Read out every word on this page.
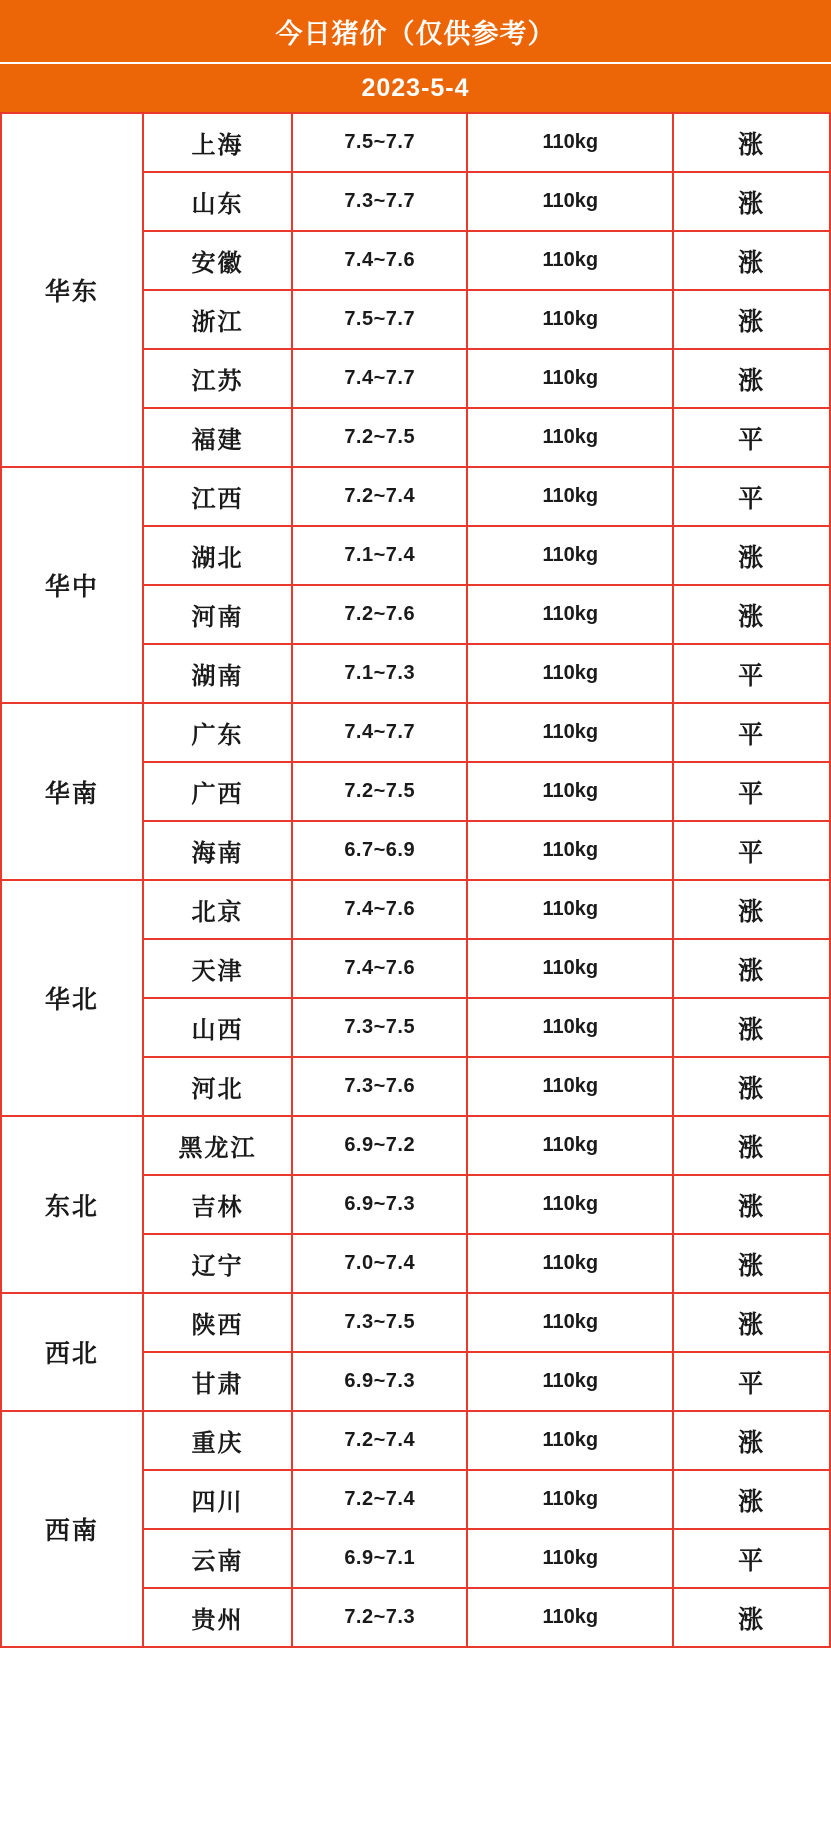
今日猪价（仅供参考）
2023-5-4
华东	上海	7.5~7.7	110kg	涨
	山东	7.3~7.7	110kg	涨
	安徽	7.4~7.6	110kg	涨
	浙江	7.5~7.7	110kg	涨
	江苏	7.4~7.7	110kg	涨
	福建	7.2~7.5	110kg	平
华中	江西	7.2~7.4	110kg	平
	湖北	7.1~7.4	110kg	涨
	河南	7.2~7.6	110kg	涨
	湖南	7.1~7.3	110kg	平
华南	广东	7.4~7.7	110kg	平
	广西	7.2~7.5	110kg	平
	海南	6.7~6.9	110kg	平
华北	北京	7.4~7.6	110kg	涨
	天津	7.4~7.6	110kg	涨
	山西	7.3~7.5	110kg	涨
	河北	7.3~7.6	110kg	涨
东北	黑龙江	6.9~7.2	110kg	涨
	吉林	6.9~7.3	110kg	涨
	辽宁	7.0~7.4	110kg	涨
西北	陕西	7.3~7.5	110kg	涨
	甘肃	6.9~7.3	110kg	平
西南	重庆	7.2~7.4	110kg	涨
	四川	7.2~7.4	110kg	涨
	云南	6.9~7.1	110kg	平
	贵州	7.2~7.3	110kg	涨
